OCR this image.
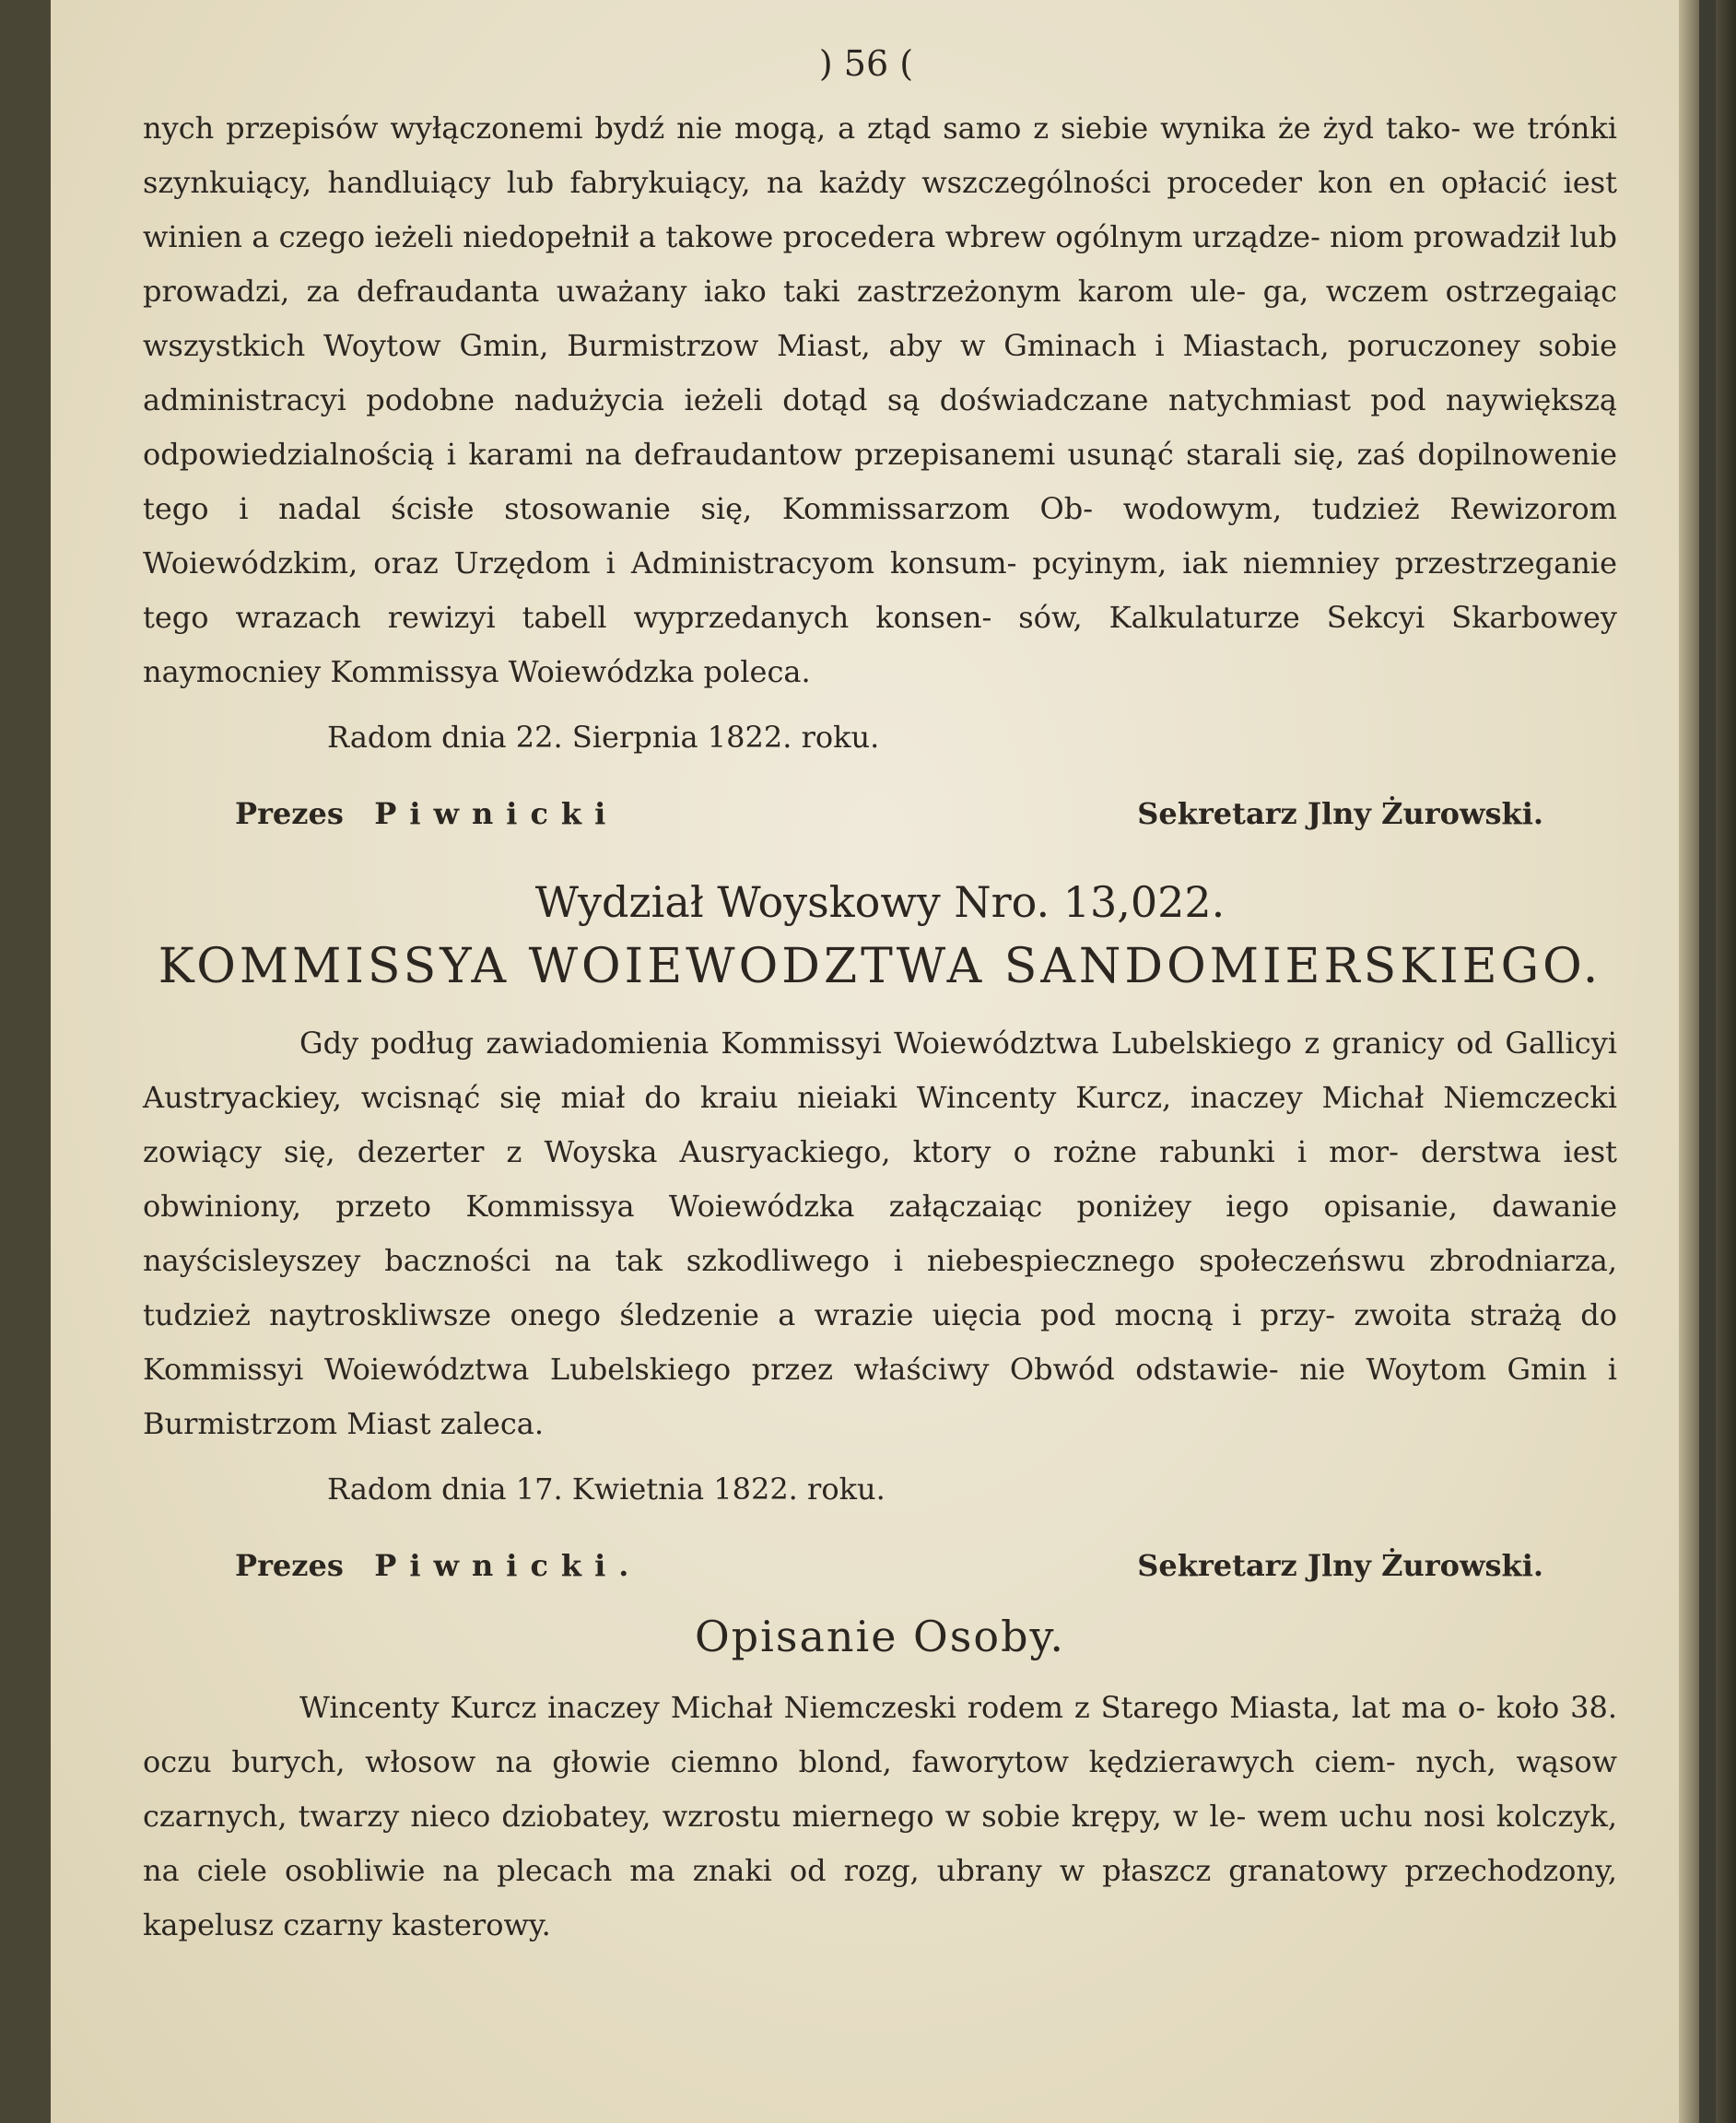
) 56 (

nych przepisów wyłączonemi bydź nie mogą, a ztąd samo z siebie wynika że żyd tako- we trónki szynkuiący, handluiący lub fabrykuiący, na każdy wszczególności proceder kon en opłacić iest winien a czego ieżeli niedopełnił a takowe procedera wbrew ogólnym urządze- niom prowadził lub prowadzi, za defraudanta uważany iako taki zastrzeżonym karom ule- ga, wczem ostrzegaiąc wszystkich Woytow Gmin, Burmistrzow Miast, aby w Gminach i Miastach, poruczoney sobie administracyi podobne nadużycia ieżeli dotąd są doświadczane natychmiast pod naywiększą odpowiedzialnością i karami na defraudantow przepisanemi usunąć starali się, zaś dopilnowenie tego i nadal ścisłe stosowanie się, Kommissarzom Ob- wodowym, tudzież Rewizorom Woiewódzkim, oraz Urzędom i Administracyom konsum- pcyinym, iak niemniey przestrzeganie tego wrazach rewizyi tabell wyprzedanych konsen- sów, Kalkulaturze Sekcyi Skarbowey naymocniey Kommissya Woiewódzka poleca.

Radom dnia 22. Sierpnia 1822. roku.
Prezes Piwnicki	Sekretarz Jlny Żurowski.
Wydział Woyskowy Nro. 13,022.
KOMMISSYA WOIEWODZTWA SANDOMIERSKIEGO.
Gdy podług zawiadomienia Kommissyi Woiewództwa Lubelskiego z granicy od Gallicyi Austryackiey, wcisnąć się miał do kraiu nieiaki Wincenty Kurcz, inaczey Michał Niemczecki zowiący się, dezerter z Woyska Ausryackiego, ktory o rożne rabunki i mor- derstwa iest obwiniony, przeto Kommissya Woiewódzka załączaiąc poniżey iego opisanie, dawanie nayścisleyszey baczności na tak szkodliwego i niebespiecznego społeczeńswu zbrodniarza, tudzież naytroskliwsze onego śledzenie a wrazie uięcia pod mocną i przy- zwoita strażą do Kommissyi Woiewództwa Lubelskiego przez właściwy Obwód odstawie- nie Woytom Gmin i Burmistrzom Miast zaleca.
Radom dnia 17. Kwietnia 1822. roku.
Prezes Piwnicki.	Sekretarz Jlny Żurowski.
Opisanie Osoby.
Wincenty Kurcz inaczey Michał Niemczeski rodem z Starego Miasta, lat ma o- koło 38. oczu burych, włosow na głowie ciemno blond, faworytow kędzierawych ciem- nych, wąsow czarnych, twarzy nieco dziobatey, wzrostu miernego w sobie krępy, w le- wem uchu nosi kolczyk, na ciele osobliwie na plecach ma znaki od rozg, ubrany w płaszcz granatowy przechodzony, kapelusz czarny kasterowy.
